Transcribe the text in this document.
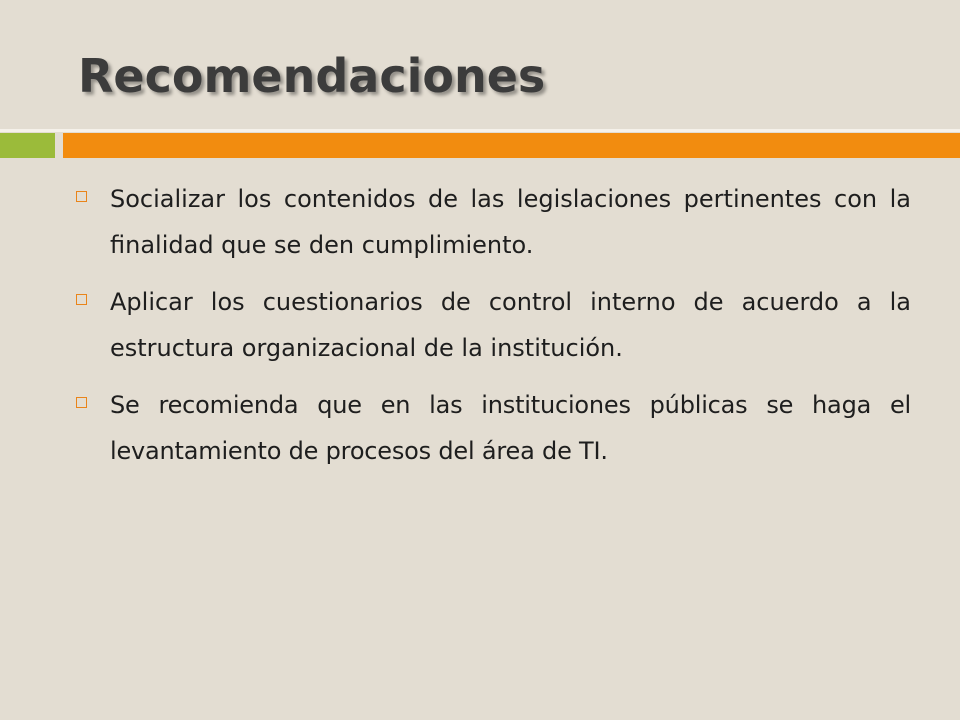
Recomendaciones
Socializar los contenidos de las legislaciones pertinentes con la finalidad que se den cumplimiento.
Aplicar los cuestionarios de control interno de acuerdo a la estructura organizacional de la institución.
Se recomienda que en las instituciones públicas se haga el levantamiento de procesos del área de TI.
